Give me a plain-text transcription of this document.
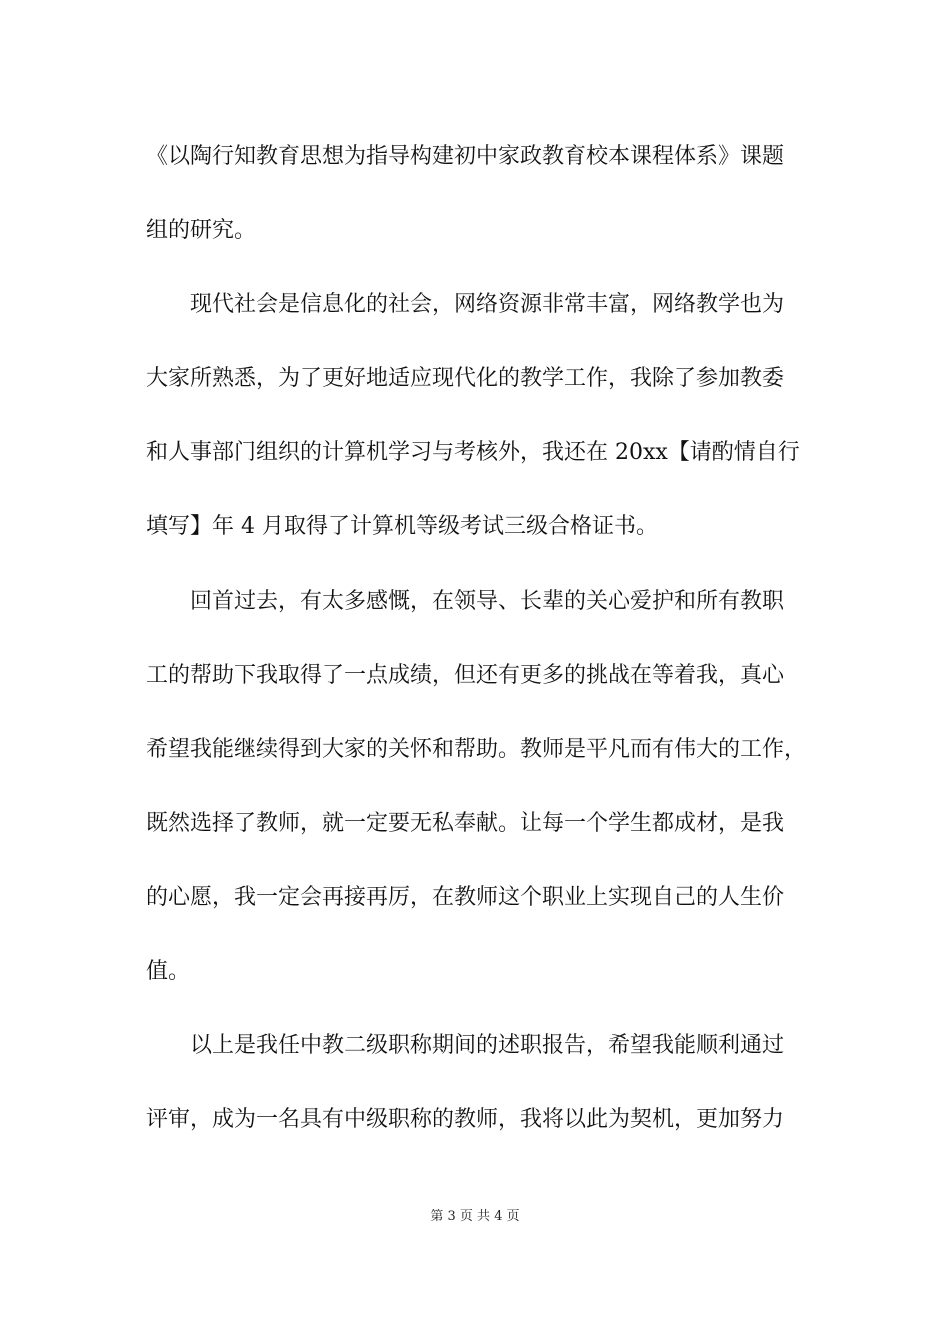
《以陶行知教育思想为指导构建初中家政教育校本课程体系》课题
组的研究。
现代社会是信息化的社会，网络资源非常丰富，网络教学也为
大家所熟悉，为了更好地适应现代化的教学工作，我除了参加教委
和人事部门组织的计算机学习与考核外，我还在 20xx【请酌情自行
填写】年 4 月取得了计算机等级考试三级合格证书。
回首过去，有太多感慨，在领导、长辈的关心爱护和所有教职
工的帮助下我取得了一点成绩，但还有更多的挑战在等着我，真心
希望我能继续得到大家的关怀和帮助。教师是平凡而有伟大的工作，
既然选择了教师，就一定要无私奉献。让每一个学生都成材，是我
的心愿，我一定会再接再厉，在教师这个职业上实现自己的人生价
值。
以上是我任中教二级职称期间的述职报告，希望我能顺利通过
评审，成为一名具有中级职称的教师，我将以此为契机，更加努力
第 3 页 共 4 页
